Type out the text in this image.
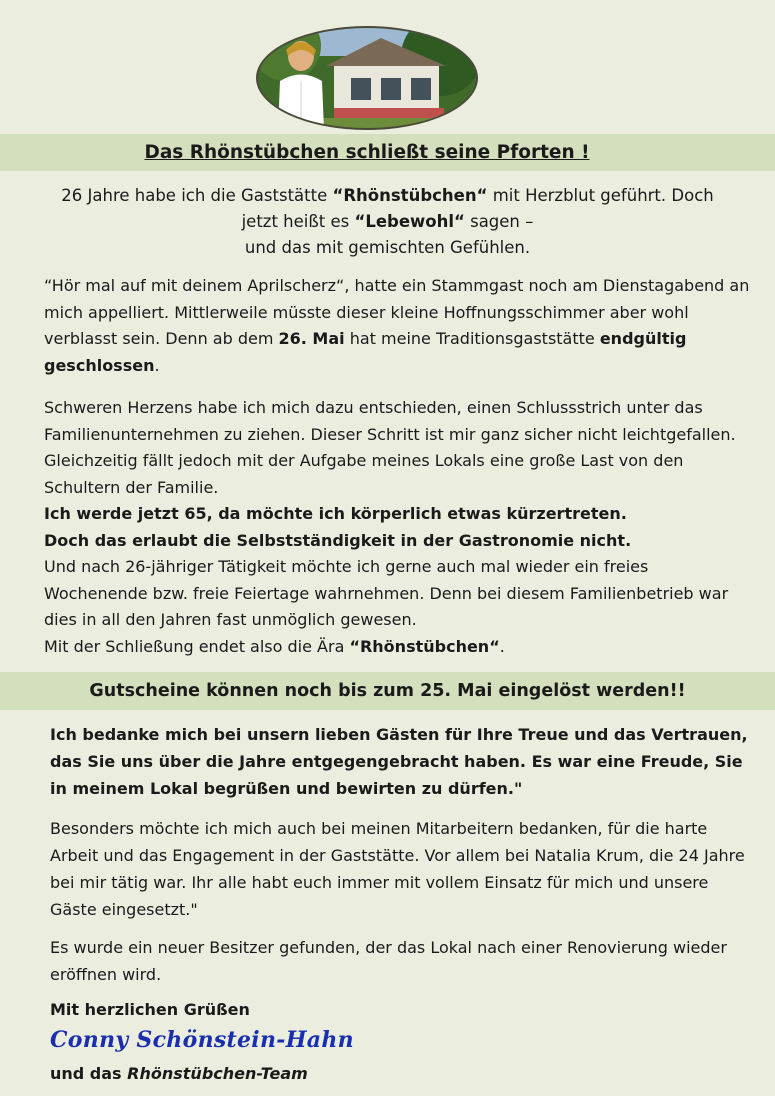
Das Rhönstübchen schließt seine Pforten !
26 Jahre habe ich die Gaststätte “Rhönstübchen“ mit Herzblut geführt. Doch
jetzt heißt es “Lebewohl“ sagen –
und das mit gemischten Gefühlen.
“Hör mal auf mit deinem Aprilscherz“, hatte ein Stammgast noch am Dienstagabend an mich appelliert. Mittlerweile müsste dieser kleine Hoffnungsschimmer aber wohl verblasst sein. Denn ab dem 26. Mai hat meine Traditionsgaststätte endgültig geschlossen.
Schweren Herzens habe ich mich dazu entschieden, einen Schlussstrich unter das Familienunternehmen zu ziehen. Dieser Schritt ist mir ganz sicher nicht leichtgefallen. Gleichzeitig fällt jedoch mit der Aufgabe meines Lokals eine große Last von den Schultern der Familie.
Ich werde jetzt 65, da möchte ich körperlich etwas kürzertreten.
Doch das erlaubt die Selbstständigkeit in der Gastronomie nicht.
Und nach 26-jähriger Tätigkeit möchte ich gerne auch mal wieder ein freies Wochenende bzw. freie Feiertage wahrnehmen. Denn bei diesem Familienbetrieb war dies in all den Jahren fast unmöglich gewesen.
Mit der Schließung endet also die Ära “Rhönstübchen“.
Gutscheine können noch bis zum 25. Mai eingelöst werden!!
Ich bedanke mich bei unsern lieben Gästen für Ihre Treue und das Vertrauen, das Sie uns über die Jahre entgegengebracht haben. Es war eine Freude, Sie in meinem Lokal begrüßen und bewirten zu dürfen."
Besonders möchte ich mich auch bei meinen Mitarbeitern bedanken, für die harte Arbeit und das Engagement in der Gaststätte. Vor allem bei Natalia Krum, die 24 Jahre bei mir tätig war. Ihr alle habt euch immer mit vollem Einsatz für mich und unsere Gäste eingesetzt."
Es wurde ein neuer Besitzer gefunden, der das Lokal nach einer Renovierung wieder eröffnen wird.
Mit herzlichen Grüßen
Conny Schönstein-Hahn
und das Rhönstübchen-Team
